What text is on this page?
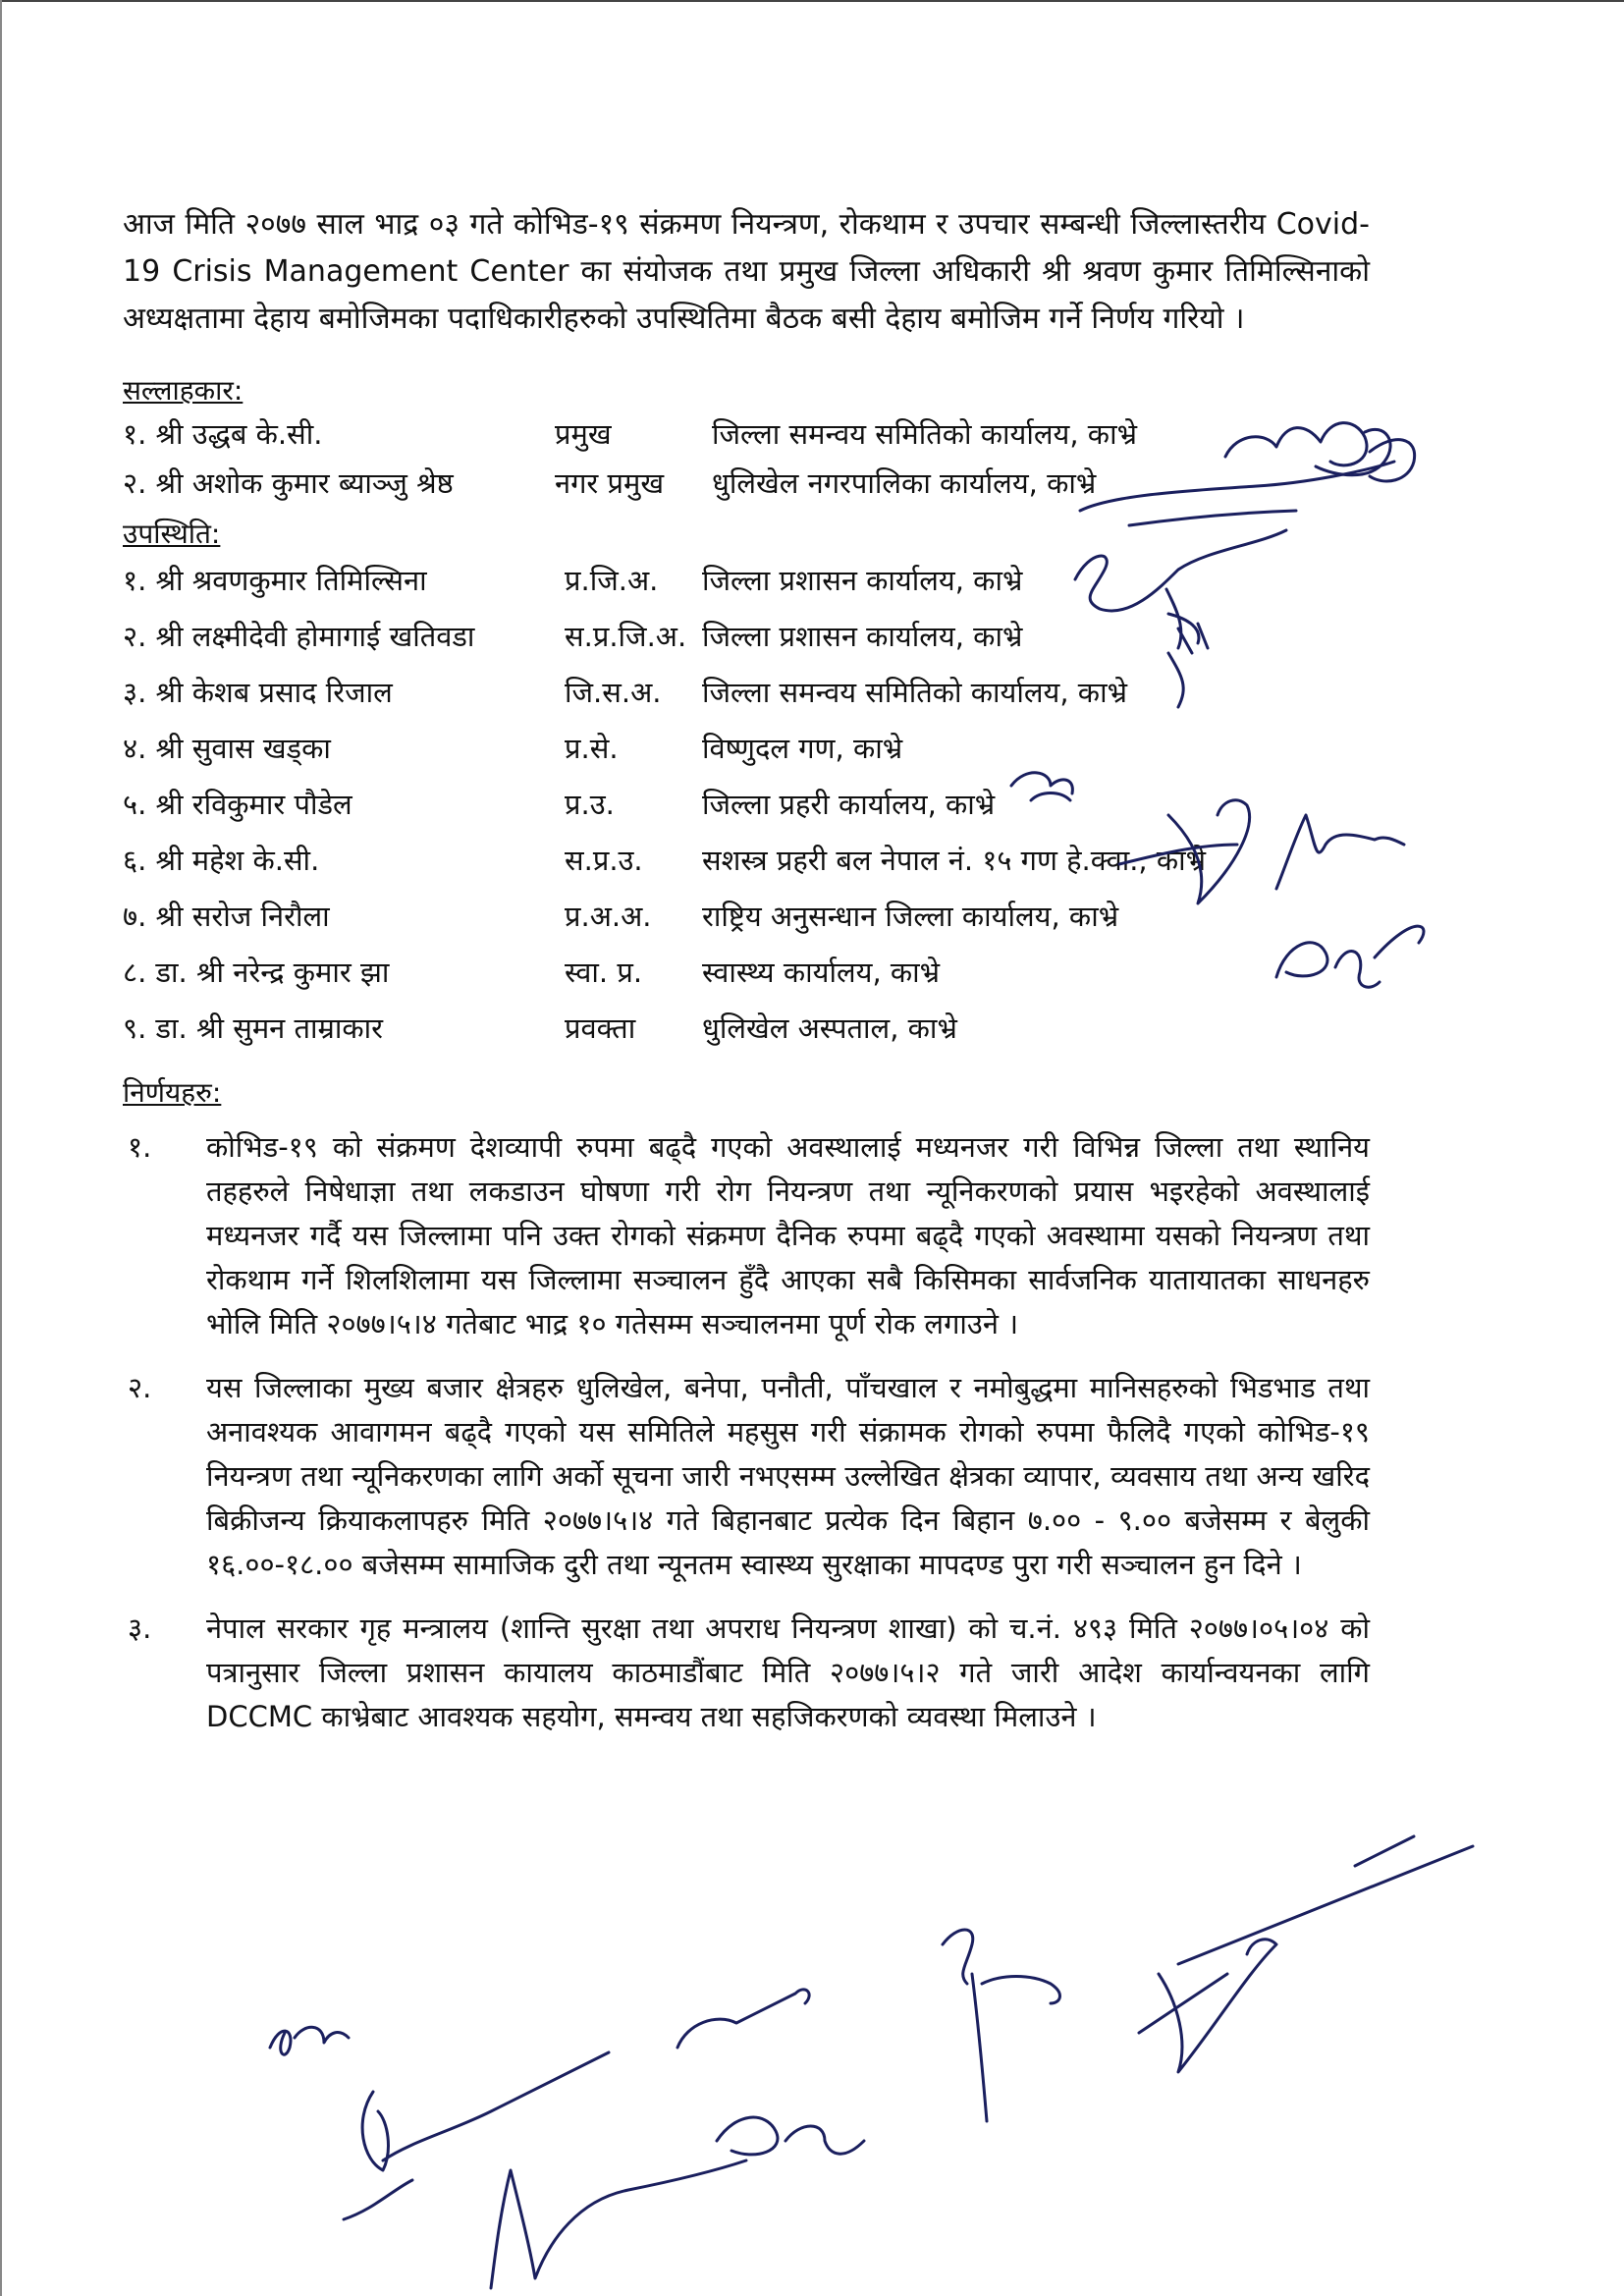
आज मिति २०७७ साल भाद्र ०३ गते कोभिड-१९ संक्रमण नियन्त्रण, रोकथाम र उपचार सम्बन्धी जिल्लास्तरीय Covid-19 Crisis Management Center का संयोजक तथा प्रमुख जिल्ला अधिकारी श्री श्रवण कुमार तिमिल्सिनाको अध्यक्षतामा देहाय बमोजिमका पदाधिकारीहरुको उपस्थितिमा बैठक बसी देहाय बमोजिम गर्ने निर्णय गरियो ।

सल्लाहकार:

१. श्री उद्धब के.सी.	प्रमुख	जिल्ला समन्वय समितिको कार्यालय, काभ्रे
२. श्री अशोक कुमार ब्याञ्जु श्रेष्ठ	नगर प्रमुख	धुलिखेल नगरपालिका कार्यालय, काभ्रे

उपस्थिति:

१. श्री श्रवणकुमार तिमिल्सिना	प्र.जि.अ.	जिल्ला प्रशासन कार्यालय, काभ्रे
२. श्री लक्ष्मीदेवी होमागाई खतिवडा	स.प्र.जि.अ. जिल्ला प्रशासन कार्यालय, काभ्रे
३. श्री केशब प्रसाद रिजाल	जि.स.अ.	जिल्ला समन्वय समितिको कार्यालय, काभ्रे
४. श्री सुवास खड्का	प्र.से.	विष्णुदल गण, काभ्रे
५. श्री रविकुमार पौडेल	प्र.उ.	जिल्ला प्रहरी कार्यालय, काभ्रे
६. श्री महेश के.सी.	स.प्र.उ.	सशस्त्र प्रहरी बल नेपाल नं. १५ गण हे.क्वा., काभ्रे
७. श्री सरोज निरौला	प्र.अ.अ.	राष्ट्रिय अनुसन्धान जिल्ला कार्यालय, काभ्रे
८. डा. श्री नरेन्द्र कुमार झा	स्वा. प्र.	स्वास्थ्य कार्यालय, काभ्रे
९. डा. श्री सुमन ताम्राकार	प्रवक्ता	धुलिखेल अस्पताल, काभ्रे

निर्णयहरु:

१.	कोभिड-१९ को संक्रमण देशव्यापी रुपमा बढ्दै गएको अवस्थालाई मध्यनजर गरी विभिन्न जिल्ला तथा स्थानिय तहहरुले निषेधाज्ञा तथा लकडाउन घोषणा गरी रोग नियन्त्रण तथा न्यूनिकरणको प्रयास भइरहेको अवस्थालाई मध्यनजर गर्दै यस जिल्लामा पनि उक्त रोगको संक्रमण दैनिक रुपमा बढ्दै गएको अवस्थामा यसको नियन्त्रण तथा रोकथाम गर्ने शिलशिलामा यस जिल्लामा सञ्चालन हुँदै आएका सबै किसिमका सार्वजनिक यातायातका साधनहरु भोलि मिति २०७७।५।४ गतेबाट भाद्र १० गतेसम्म सञ्चालनमा पूर्ण रोक लगाउने ।
२.	यस जिल्लाका मुख्य बजार क्षेत्रहरु धुलिखेल, बनेपा, पनौती, पाँचखाल र नमोबुद्धमा मानिसहरुको भिडभाड तथा अनावश्यक आवागमन बढ्दै गएको यस समितिले महसुस गरी संक्रामक रोगको रुपमा फैलिदै गएको कोभिड-१९ नियन्त्रण तथा न्यूनिकरणका लागि अर्को सूचना जारी नभएसम्म उल्लेखित क्षेत्रका व्यापार, व्यवसाय तथा अन्य खरिद बिक्रीजन्य क्रियाकलापहरु मिति २०७७।५।४ गते बिहानबाट प्रत्येक दिन बिहान ७.०० - ९.०० बजेसम्म र बेलुकी १६.००-१८.०० बजेसम्म सामाजिक दुरी तथा न्यूनतम स्वास्थ्य सुरक्षाका मापदण्ड पुरा गरी सञ्चालन हुन दिने ।
३.	नेपाल सरकार गृह मन्त्रालय (शान्ति सुरक्षा तथा अपराध नियन्त्रण शाखा) को च.नं. ४९३ मिति २०७७।०५।०४ को पत्रानुसार जिल्ला प्रशासन कायालय काठमाडौंबाट मिति २०७७।५।२ गते जारी आदेश कार्यान्वयनका लागि DCCMC काभ्रेबाट आवश्यक सहयोग, समन्वय तथा सहजिकरणको व्यवस्था मिलाउने ।
